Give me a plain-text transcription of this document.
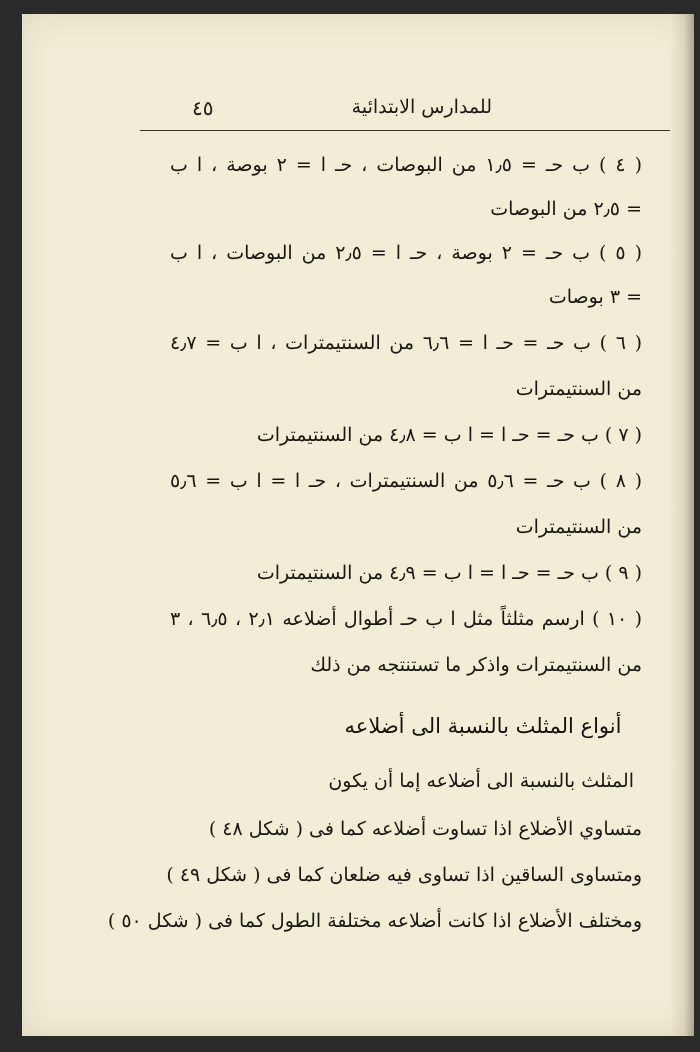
٤٥	للمدارس الابتدائية
( ٤ ) ب حـ = ١٫٥ من البوصات ، حـ ا = ٢ بوصة ، ا ب
= ٢٫٥ من البوصات
( ٥ ) ب حـ = ٢ بوصة ، حـ ا = ٢٫٥ من البوصات ، ا ب
= ٣ بوصات
( ٦ ) ب حـ = حـ ا = ٦٫٦ من السنتيمترات ، ا ب = ٤٫٧
من السنتيمترات
( ٧ ) ب حـ = حـ ا = ا ب = ٤٫٨ من السنتيمترات
( ٨ ) ب حـ = ٥٫٦ من السنتيمترات ، حـ ا = ا ب = ٥٫٦
من السنتيمترات
( ٩ ) ب حـ = حـ ا = ا ب = ٤٫٩ من السنتيمترات
( ١٠ ) ارسم مثلثاً مثل ا ب حـ أطوال أضلاعه ٢٫١ ، ٦٫٥ ، ٣
من السنتيمترات واذكر ما تستنتجه من ذلك
أنواع المثلث بالنسبة الى أضلاعه
المثلث بالنسبة الى أضلاعه إما أن يكون
متساوي الأضلاع اذا تساوت أضلاعه كما فى ( شكل ٤٨ )
ومتساوى الساقين اذا تساوى فيه ضلعان كما فى ( شكل ٤٩ )
ومختلف الأضلاع اذا كانت أضلاعه مختلفة الطول كما فى ( شكل ٥٠ )
